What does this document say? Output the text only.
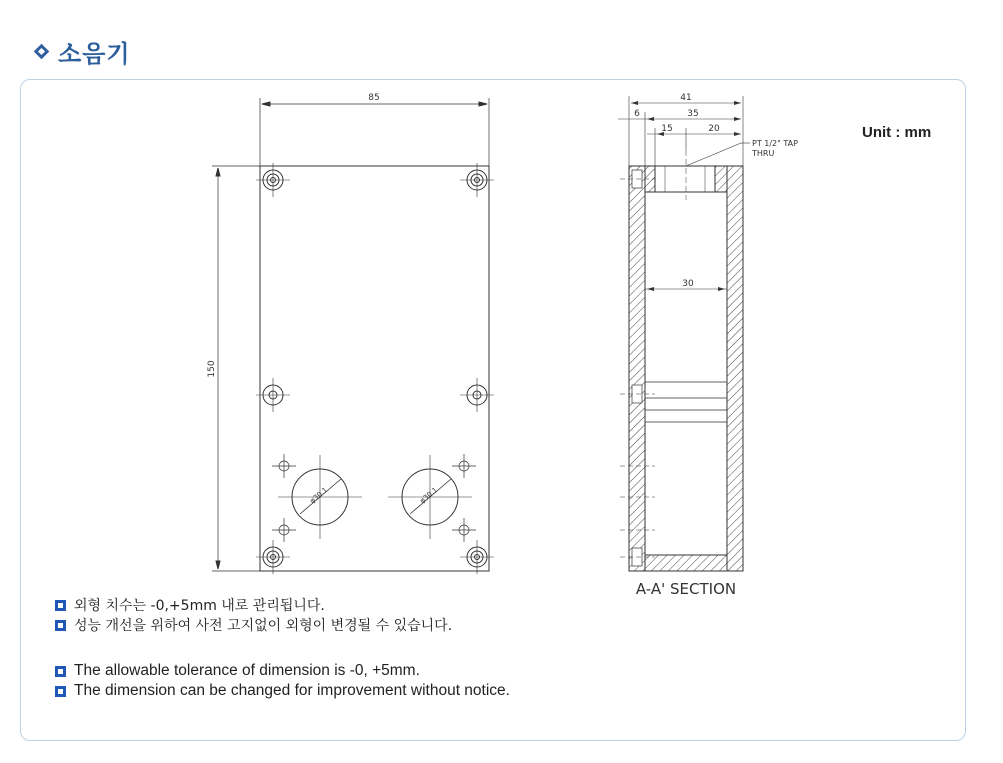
소음기
85
150
φ30.1	φ30.1
41
6	35
15	20
30
PT 1/2" TAP
THRU
A-A' SECTION
Unit : mm
외형 치수는 -0,+5mm 내로 관리됩니다.
성능 개선을 위하여 사전 고지없이 외형이 변경될 수 있습니다.
The allowable tolerance of dimension is -0, +5mm.
The dimension can be changed for improvement without notice.
